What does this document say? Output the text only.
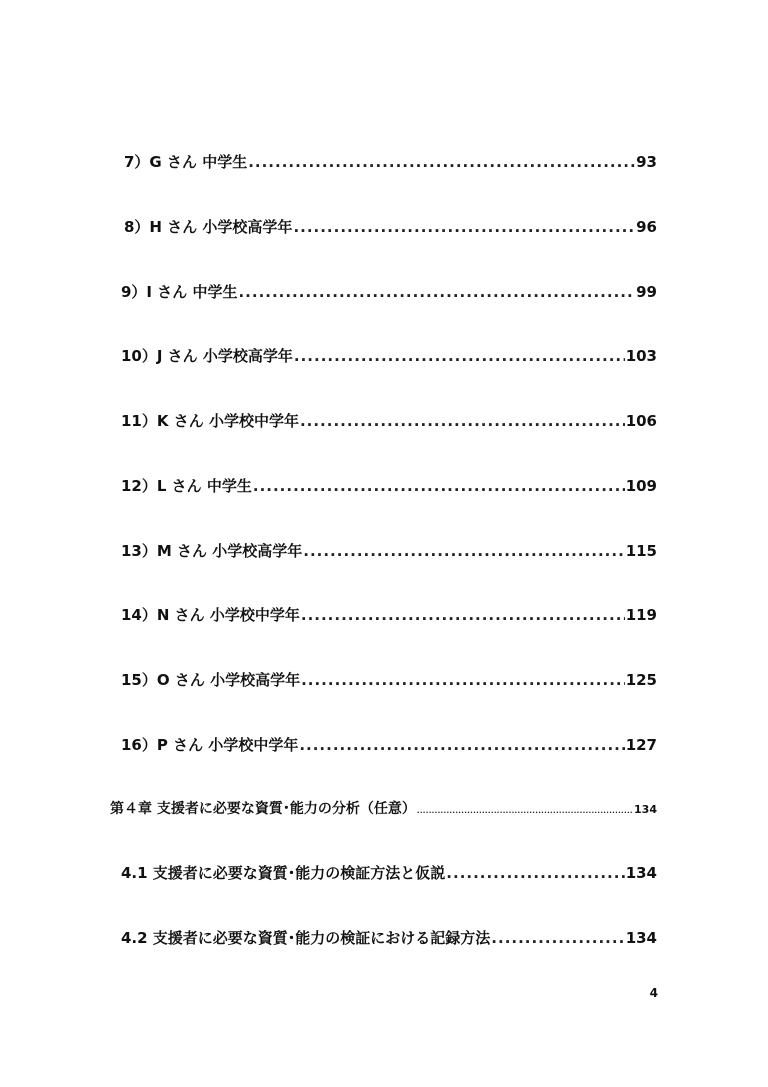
7）G さん 中学生 .....	93
8）H さん 小学校高学年 .....	96
9）I さん 中学生 .....	99
10）J さん 小学校高学年 .....	103
11）K さん 小学校中学年 .....	106
12）L さん 中学生 .....	109
13）M さん 小学校高学年 .....	115
14）N さん 小学校中学年 .....	119
15）O さん 小学校高学年 .....	125
16）P さん 小学校中学年 .....	127
第４章 支援者に必要な資質･能力の分析（任意） .....	134
4.1 支援者に必要な資質･能力の検証方法と仮説 .....	134
4.2 支援者に必要な資質･能力の検証における記録方法 .....	134
4
